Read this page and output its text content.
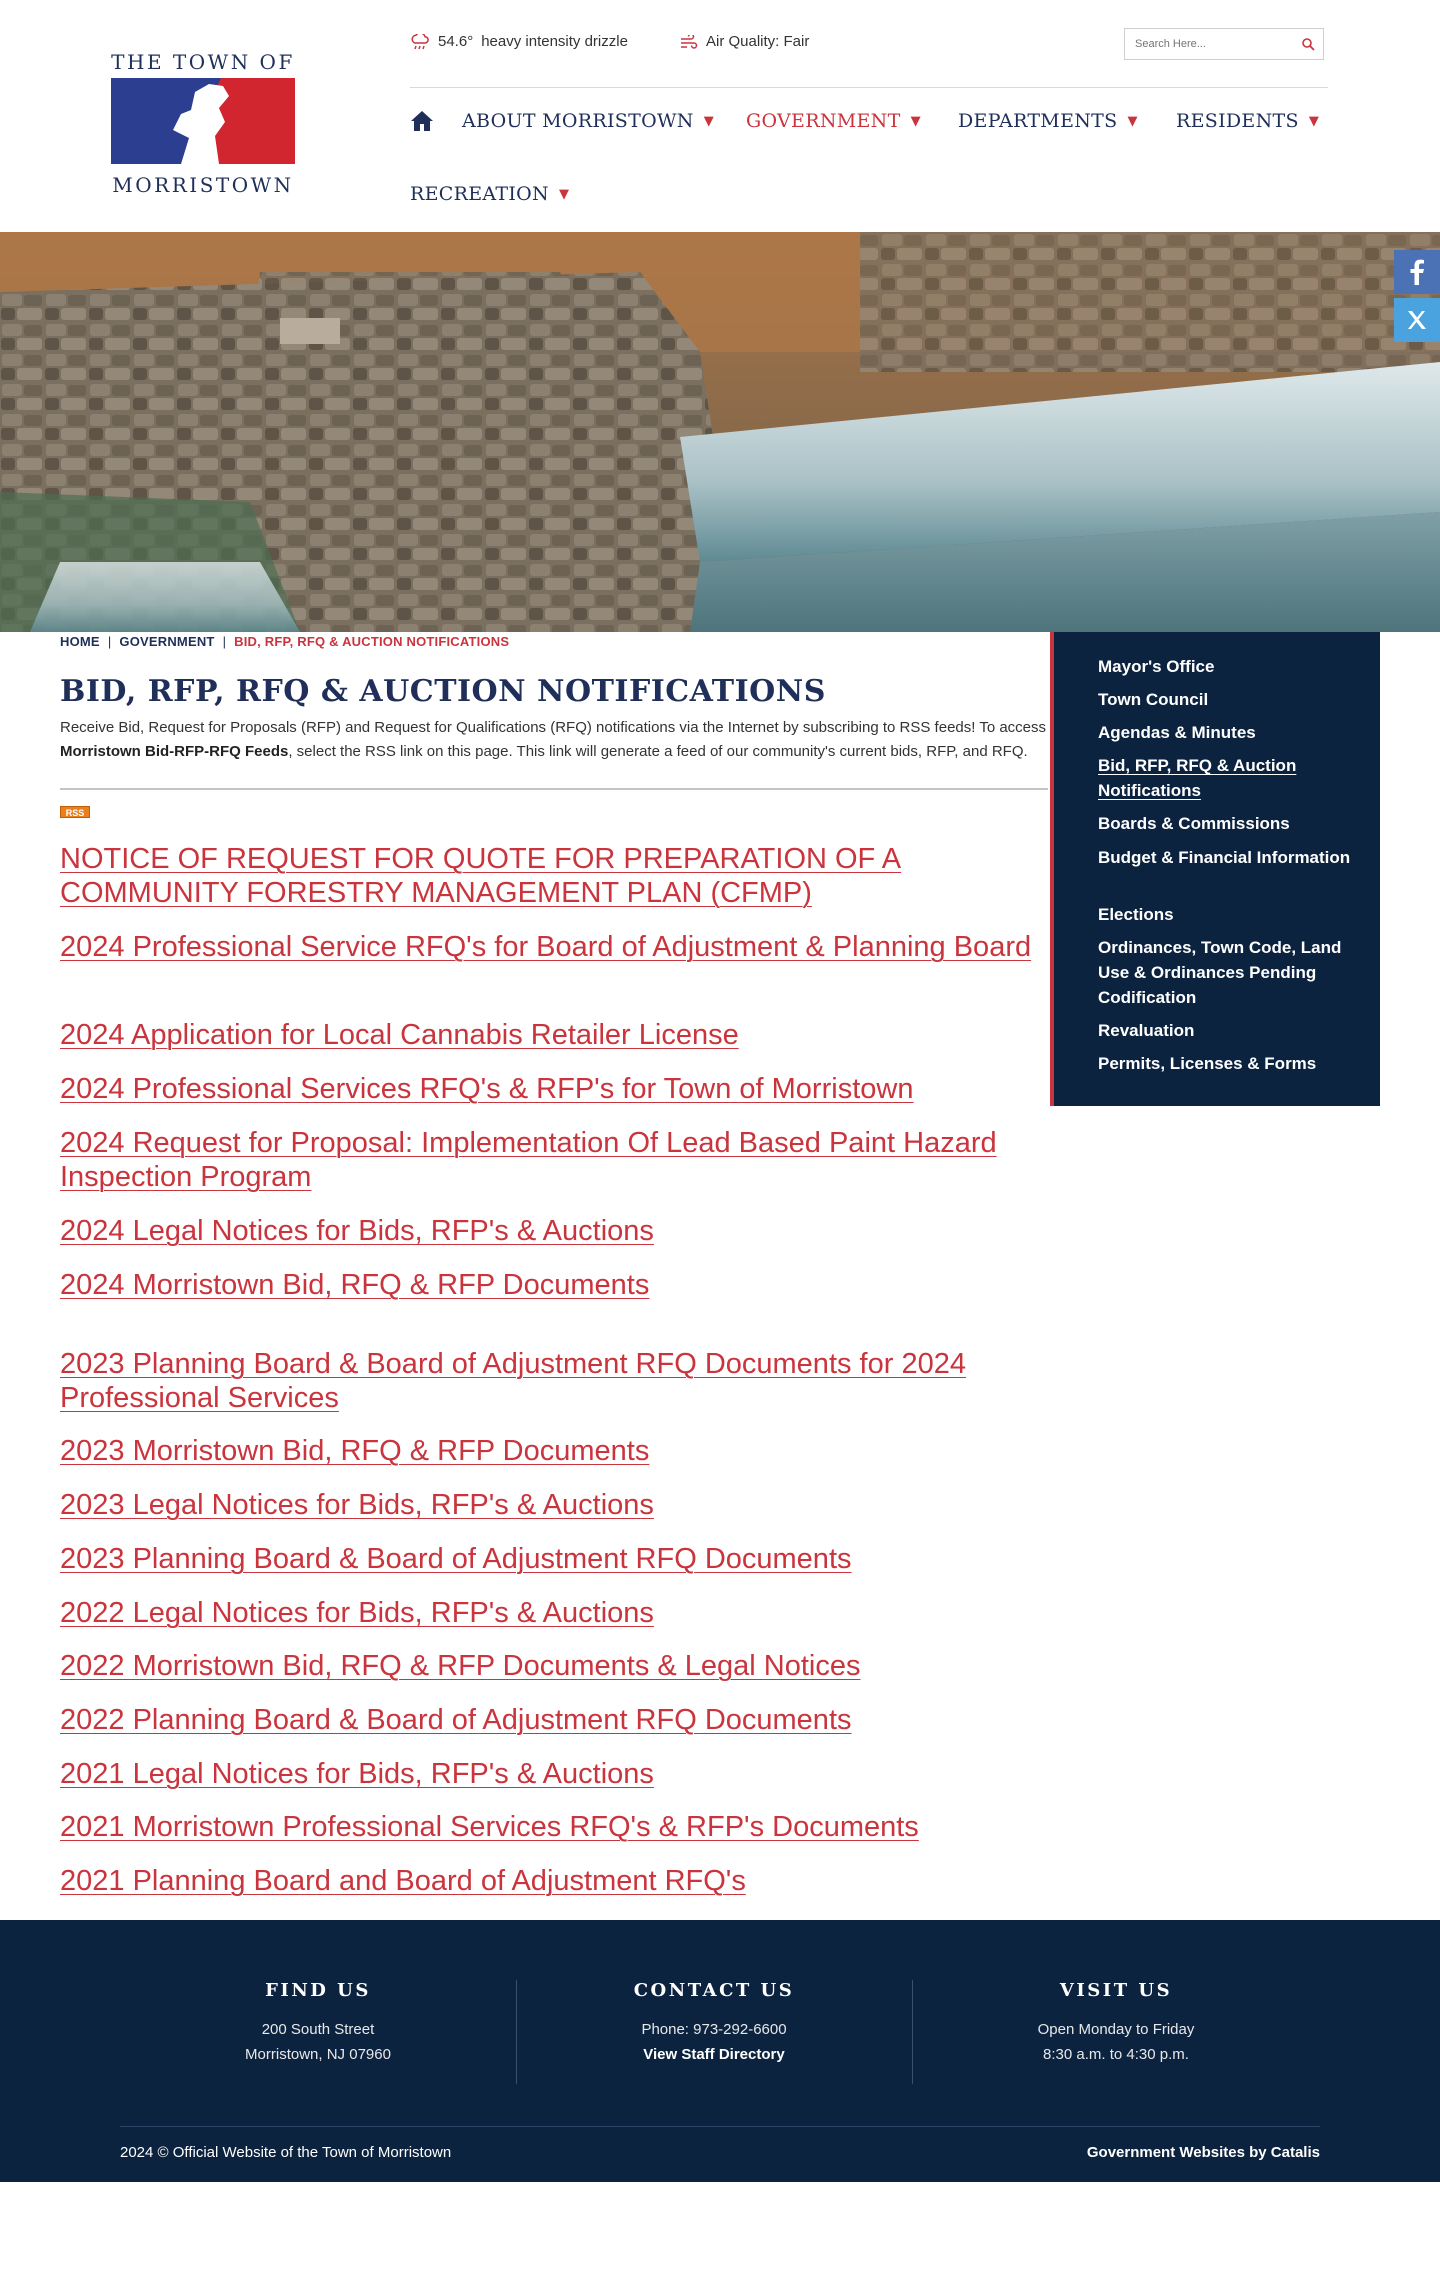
THE TOWN OF
MORRISTOWN
54.6° heavy intensity drizzle	Air Quality: Fair
Search Here...
ABOUT MORRISTOWN ▼ GOVERNMENT ▼ DEPARTMENTS ▼ RESIDENTS ▼
RECREATION ▼
HOME | GOVERNMENT | BID, RFP, RFQ & AUCTION NOTIFICATIONS
BID, RFP, RFQ & AUCTION NOTIFICATIONS

Receive Bid, Request for Proposals (RFP) and Request for Qualifications (RFQ) notifications via the Internet by subscribing to RSS feeds! To access Morristown Bid-RFP-RFQ Feeds, select the RSS link on this page. This link will generate a feed of our community's current bids, RFP, and RFQ.

RSS
NOTICE OF REQUEST FOR QUOTE FOR PREPARATION OF A COMMUNITY FORESTRY MANAGEMENT PLAN (CFMP)
2024 Professional Service RFQ's for Board of Adjustment & Planning Board
2024 Application for Local Cannabis Retailer License
2024 Professional Services RFQ's & RFP's for Town of Morristown
2024 Request for Proposal: Implementation Of Lead Based Paint Hazard Inspection Program
2024 Legal Notices for Bids, RFP's & Auctions
2024 Morristown Bid, RFQ & RFP Documents
2023 Planning Board & Board of Adjustment RFQ Documents for 2024 Professional Services
2023 Morristown Bid, RFQ & RFP Documents
2023 Legal Notices for Bids, RFP's & Auctions
2023 Planning Board & Board of Adjustment RFQ Documents
2022 Legal Notices for Bids, RFP's & Auctions
2022 Morristown Bid, RFQ & RFP Documents & Legal Notices
2022 Planning Board & Board of Adjustment RFQ Documents
2021 Legal Notices for Bids, RFP's & Auctions
2021 Morristown Professional Services RFQ's & RFP's Documents
2021 Planning Board and Board of Adjustment RFQ's
Mayor's Office
Town Council
Agendas & Minutes
Bid, RFP, RFQ & Auction Notifications
Boards & Commissions
Budget & Financial Information
Elections
Ordinances, Town Code, Land Use & Ordinances Pending Codification
Revaluation
Permits, Licenses & Forms
FIND US

200 South Street
Morristown, NJ 07960

CONTACT US

Phone: 973-292-6600
View Staff Directory

VISIT US

Open Monday to Friday
8:30 a.m. to 4:30 p.m.

2024 © Official Website of the Town of Morristown	Government Websites by Catalis
